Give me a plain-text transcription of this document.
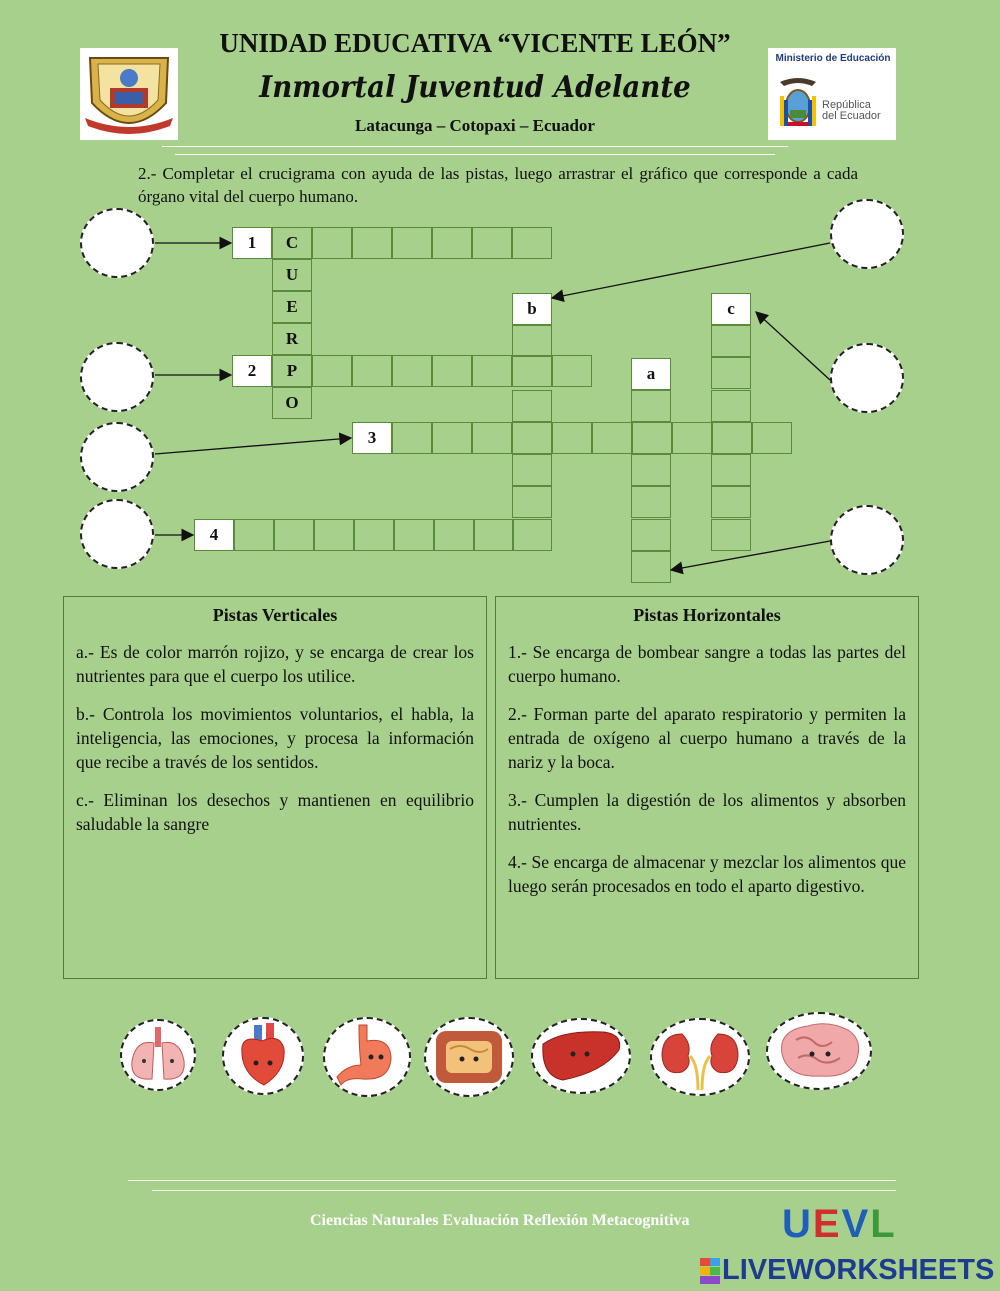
UNIDAD EDUCATIVA “VICENTE LEÓN”
Inmortal Juventud Adelante
Latacunga – Cotopaxi – Ecuador
Ministerio de Educación
República
del Ecuador
2.- Completar el crucigrama con ayuda de las pistas, luego arrastrar el gráfico que corresponde a cada órgano vital del cuerpo humano.
1	C
U
E
R
P
O
2
3
4
b
a
c
Pistas Verticales
a.- Es de color marrón rojizo, y se encarga de crear los nutrientes para que el cuerpo los utilice.
b.- Controla los movimientos voluntarios, el habla, la inteligencia, las emociones, y procesa la información que recibe a través de los sentidos.
c.- Eliminan los desechos y mantienen en equilibrio saludable la sangre
Pistas Horizontales
1.- Se encarga de bombear sangre a todas las partes del cuerpo humano.
2.- Forman parte del aparato respiratorio y permiten la entrada de oxígeno al cuerpo humano a través de la nariz y la boca.
3.- Cumplen la digestión de los alimentos y absorben nutrientes.
4.- Se encarga de almacenar y mezclar los alimentos que luego serán procesados en todo el aparto digestivo.
Ciencias Naturales Evaluación Reflexión Metacognitiva UEVL
LIVEWORKSHEETS
